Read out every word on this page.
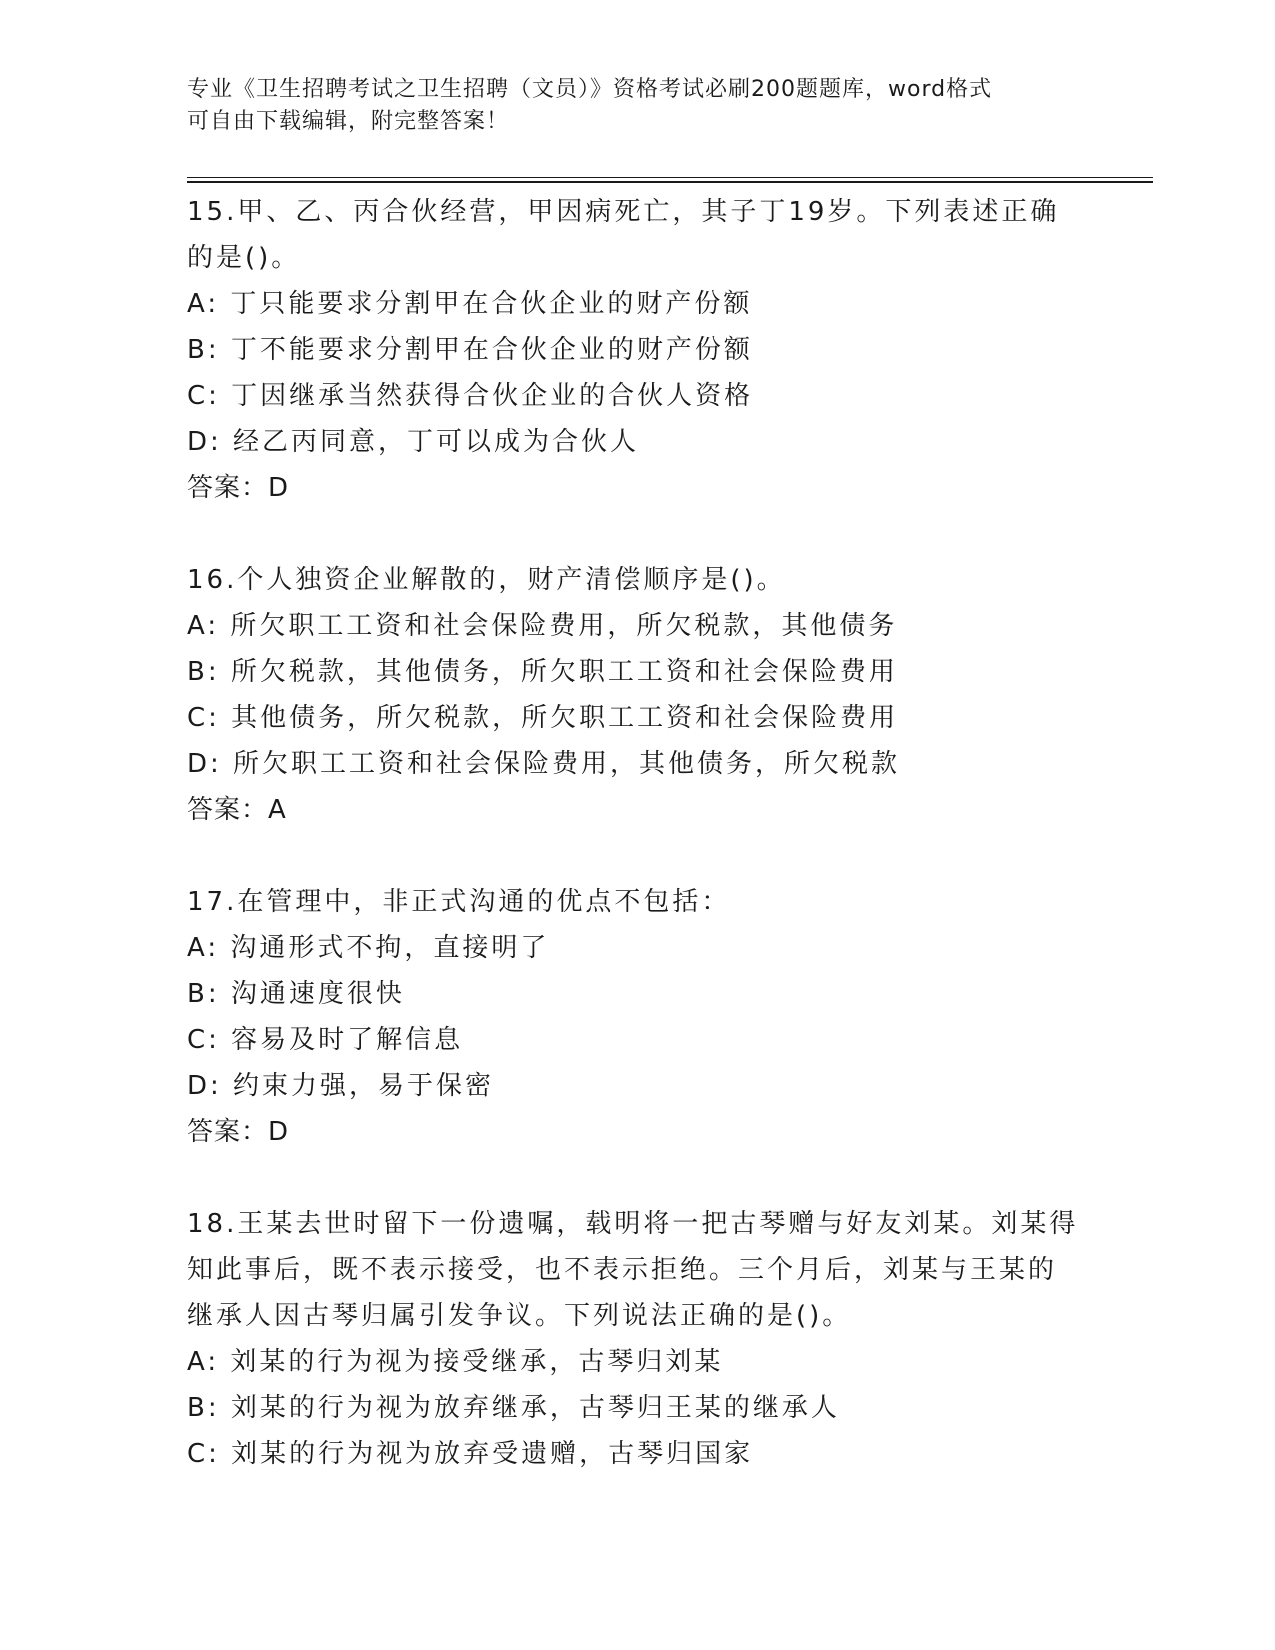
专业《卫生招聘考试之卫生招聘（文员）》资格考试必刷200题题库，word格式
可自由下载编辑，附完整答案！
15.甲、乙、丙合伙经营，甲因病死亡，其子丁19岁。下列表述正确
的是()。
A: 丁只能要求分割甲在合伙企业的财产份额
B: 丁不能要求分割甲在合伙企业的财产份额
C: 丁因继承当然获得合伙企业的合伙人资格
D: 经乙丙同意，丁可以成为合伙人
答案：D
16.个人独资企业解散的，财产清偿顺序是()。
A: 所欠职工工资和社会保险费用，所欠税款，其他债务
B: 所欠税款，其他债务，所欠职工工资和社会保险费用
C: 其他债务，所欠税款，所欠职工工资和社会保险费用
D: 所欠职工工资和社会保险费用，其他债务，所欠税款
答案：A
17.在管理中，非正式沟通的优点不包括：
A: 沟通形式不拘，直接明了
B: 沟通速度很快
C: 容易及时了解信息
D: 约束力强，易于保密
答案：D
18.王某去世时留下一份遗嘱，载明将一把古琴赠与好友刘某。刘某得
知此事后，既不表示接受，也不表示拒绝。三个月后，刘某与王某的
继承人因古琴归属引发争议。下列说法正确的是()。
A: 刘某的行为视为接受继承，古琴归刘某
B: 刘某的行为视为放弃继承，古琴归王某的继承人
C: 刘某的行为视为放弃受遗赠，古琴归国家
